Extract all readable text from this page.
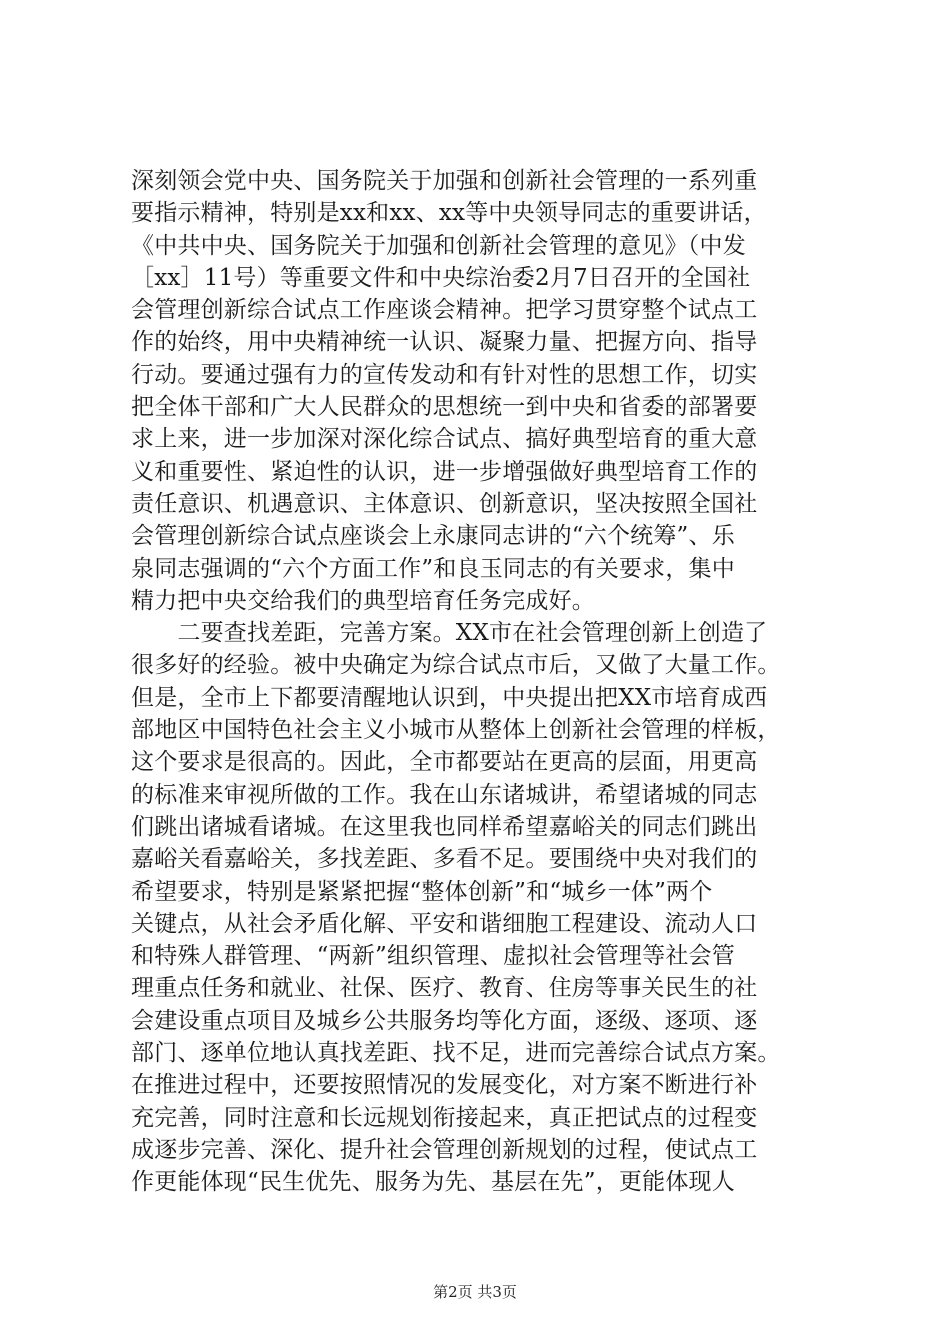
深刻领会党中央、国务院关于加强和创新社会管理的一系列重
要指示精神，特别是xx和xx、xx等中央领导同志的重要讲话，
《中共中央、国务院关于加强和创新社会管理的意见》（中发
［xx］11号）等重要文件和中央综治委2月7日召开的全国社
会管理创新综合试点工作座谈会精神。把学习贯穿整个试点工
作的始终，用中央精神统一认识、凝聚力量、把握方向、指导
行动。要通过强有力的宣传发动和有针对性的思想工作，切实
把全体干部和广大人民群众的思想统一到中央和省委的部署要
求上来，进一步加深对深化综合试点、搞好典型培育的重大意
义和重要性、紧迫性的认识，进一步增强做好典型培育工作的
责任意识、机遇意识、主体意识、创新意识，坚决按照全国社
会管理创新综合试点座谈会上永康同志讲的“六个统筹”、乐
泉同志强调的“六个方面工作”和良玉同志的有关要求，集中
精力把中央交给我们的典型培育任务完成好。
　　二要查找差距，完善方案。XX市在社会管理创新上创造了
很多好的经验。被中央确定为综合试点市后，又做了大量工作。
但是，全市上下都要清醒地认识到，中央提出把XX市培育成西
部地区中国特色社会主义小城市从整体上创新社会管理的样板，
这个要求是很高的。因此，全市都要站在更高的层面，用更高
的标准来审视所做的工作。我在山东诸城讲，希望诸城的同志
们跳出诸城看诸城。在这里我也同样希望嘉峪关的同志们跳出
嘉峪关看嘉峪关，多找差距、多看不足。要围绕中央对我们的
希望要求，特别是紧紧把握“整体创新”和“城乡一体”两个
关键点，从社会矛盾化解、平安和谐细胞工程建设、流动人口
和特殊人群管理、“两新”组织管理、虚拟社会管理等社会管
理重点任务和就业、社保、医疗、教育、住房等事关民生的社
会建设重点项目及城乡公共服务均等化方面，逐级、逐项、逐
部门、逐单位地认真找差距、找不足，进而完善综合试点方案。
在推进过程中，还要按照情况的发展变化，对方案不断进行补
充完善，同时注意和长远规划衔接起来，真正把试点的过程变
成逐步完善、深化、提升社会管理创新规划的过程，使试点工
作更能体现“民生优先、服务为先、基层在先”，更能体现人
第2页 共3页
